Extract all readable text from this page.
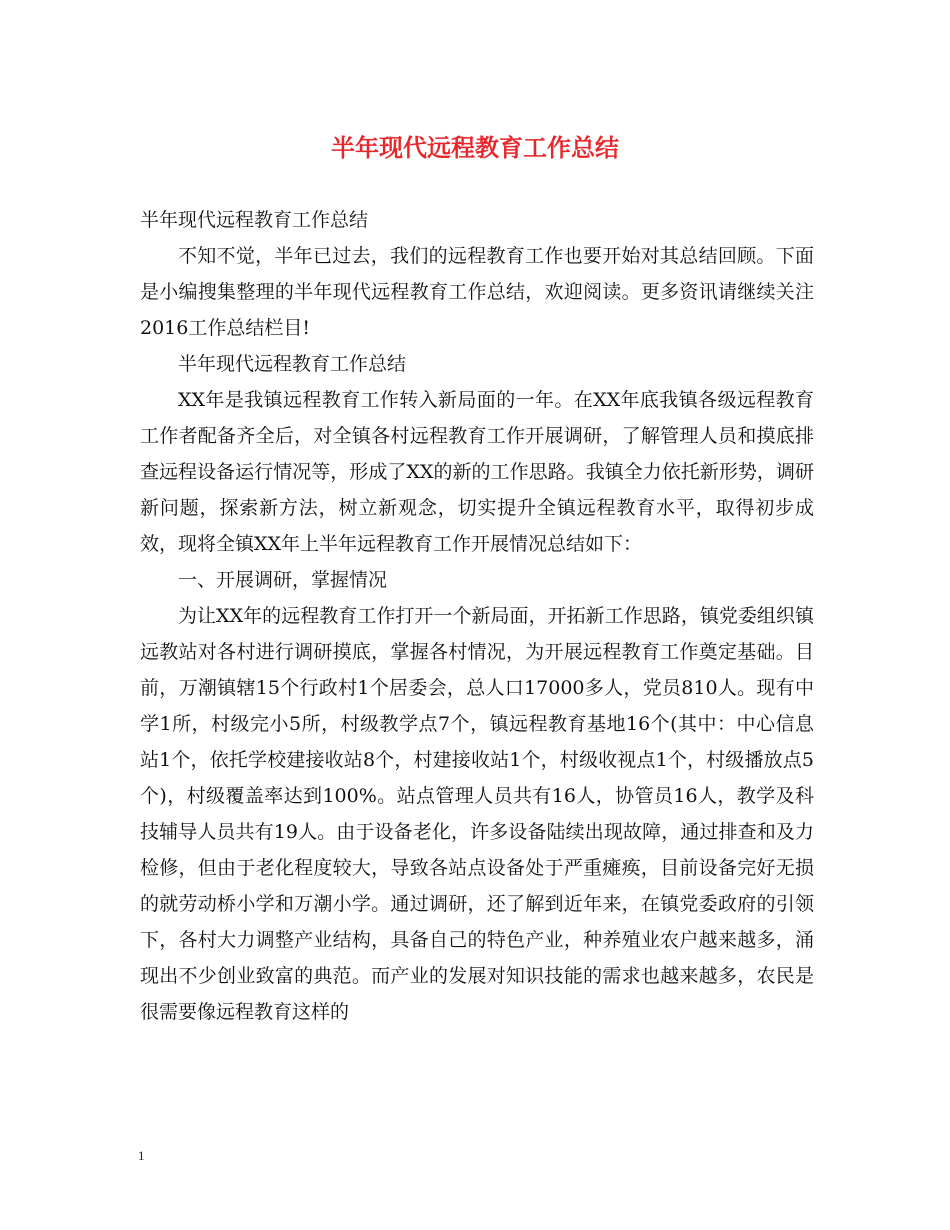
半年现代远程教育工作总结

半年现代远程教育工作总结

不知不觉，半年已过去，我们的远程教育工作也要开始对其总结回顾。下面是小编搜集整理的半年现代远程教育工作总结，欢迎阅读。更多资讯请继续关注2016工作总结栏目!

半年现代远程教育工作总结

XX年是我镇远程教育工作转入新局面的一年。在XX年底我镇各级远程教育工作者配备齐全后，对全镇各村远程教育工作开展调研，了解管理人员和摸底排查远程设备运行情况等，形成了XX的新的工作思路。我镇全力依托新形势，调研新问题，探索新方法，树立新观念，切实提升全镇远程教育水平，取得初步成效，现将全镇XX年上半年远程教育工作开展情况总结如下：

一、开展调研，掌握情况

为让XX年的远程教育工作打开一个新局面，开拓新工作思路，镇党委组织镇远教站对各村进行调研摸底，掌握各村情况，为开展远程教育工作奠定基础。目前，万潮镇辖15个行政村1个居委会，总人口17000多人，党员810人。现有中学1所，村级完小5所，村级教学点7个，镇远程教育基地16个(其中：中心信息站1个，依托学校建接收站8个，村建接收站1个，村级收视点1个，村级播放点5个)，村级覆盖率达到100%。站点管理人员共有16人，协管员16人，教学及科技辅导人员共有19人。由于设备老化，许多设备陆续出现故障，通过排查和及力检修，但由于老化程度较大，导致各站点设备处于严重瘫痪，目前设备完好无损的就劳动桥小学和万潮小学。通过调研，还了解到近年来，在镇党委政府的引领下，各村大力调整产业结构，具备自己的特色产业，种养殖业农户越来越多，涌现出不少创业致富的典范。而产业的发展对知识技能的需求也越来越多，农民是很需要像远程教育这样的

1
